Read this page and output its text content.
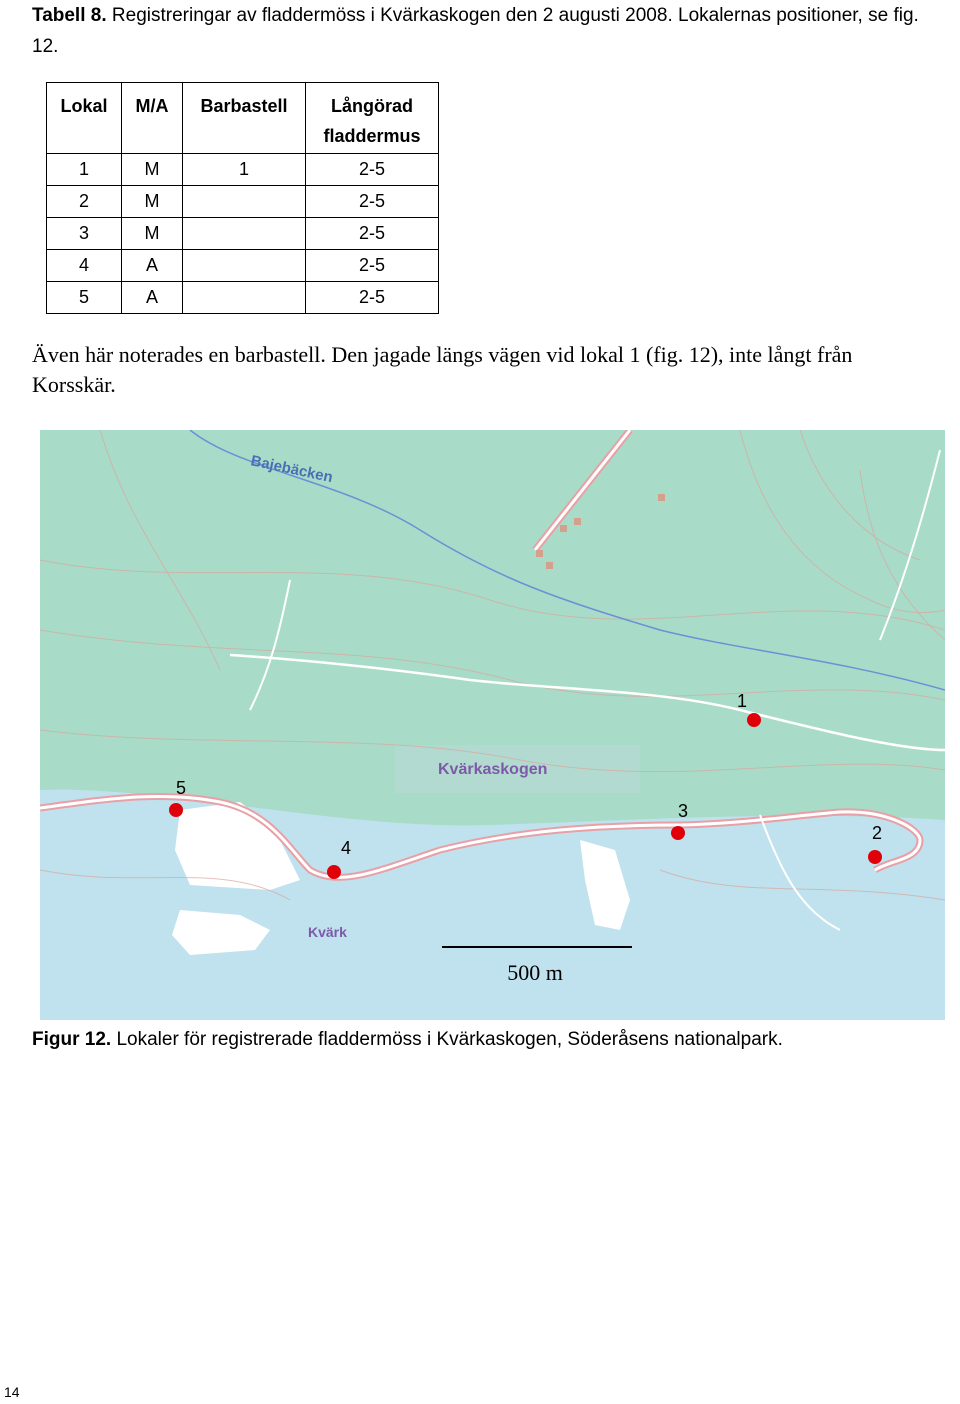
Tabell 8. Registreringar av fladdermöss i Kvärkaskogen den 2 augusti 2008. Lokalernas positioner, se fig. 12.
Lokal	M/A	Barbastell	Långörad fladdermus
1	M	1	2-5
2	M		2-5
3	M		2-5
4	A		2-5
5	A		2-5
Även här noterades en barbastell. Den jagade längs vägen vid lokal 1 (fig. 12), inte långt från Korsskär.
Bajebäcken
Kvärkaskogen
Kvärk
1
2
3
4
5
500 m
Figur 12. Lokaler för registrerade fladdermöss i Kvärkaskogen, Söderåsens nationalpark.
14
